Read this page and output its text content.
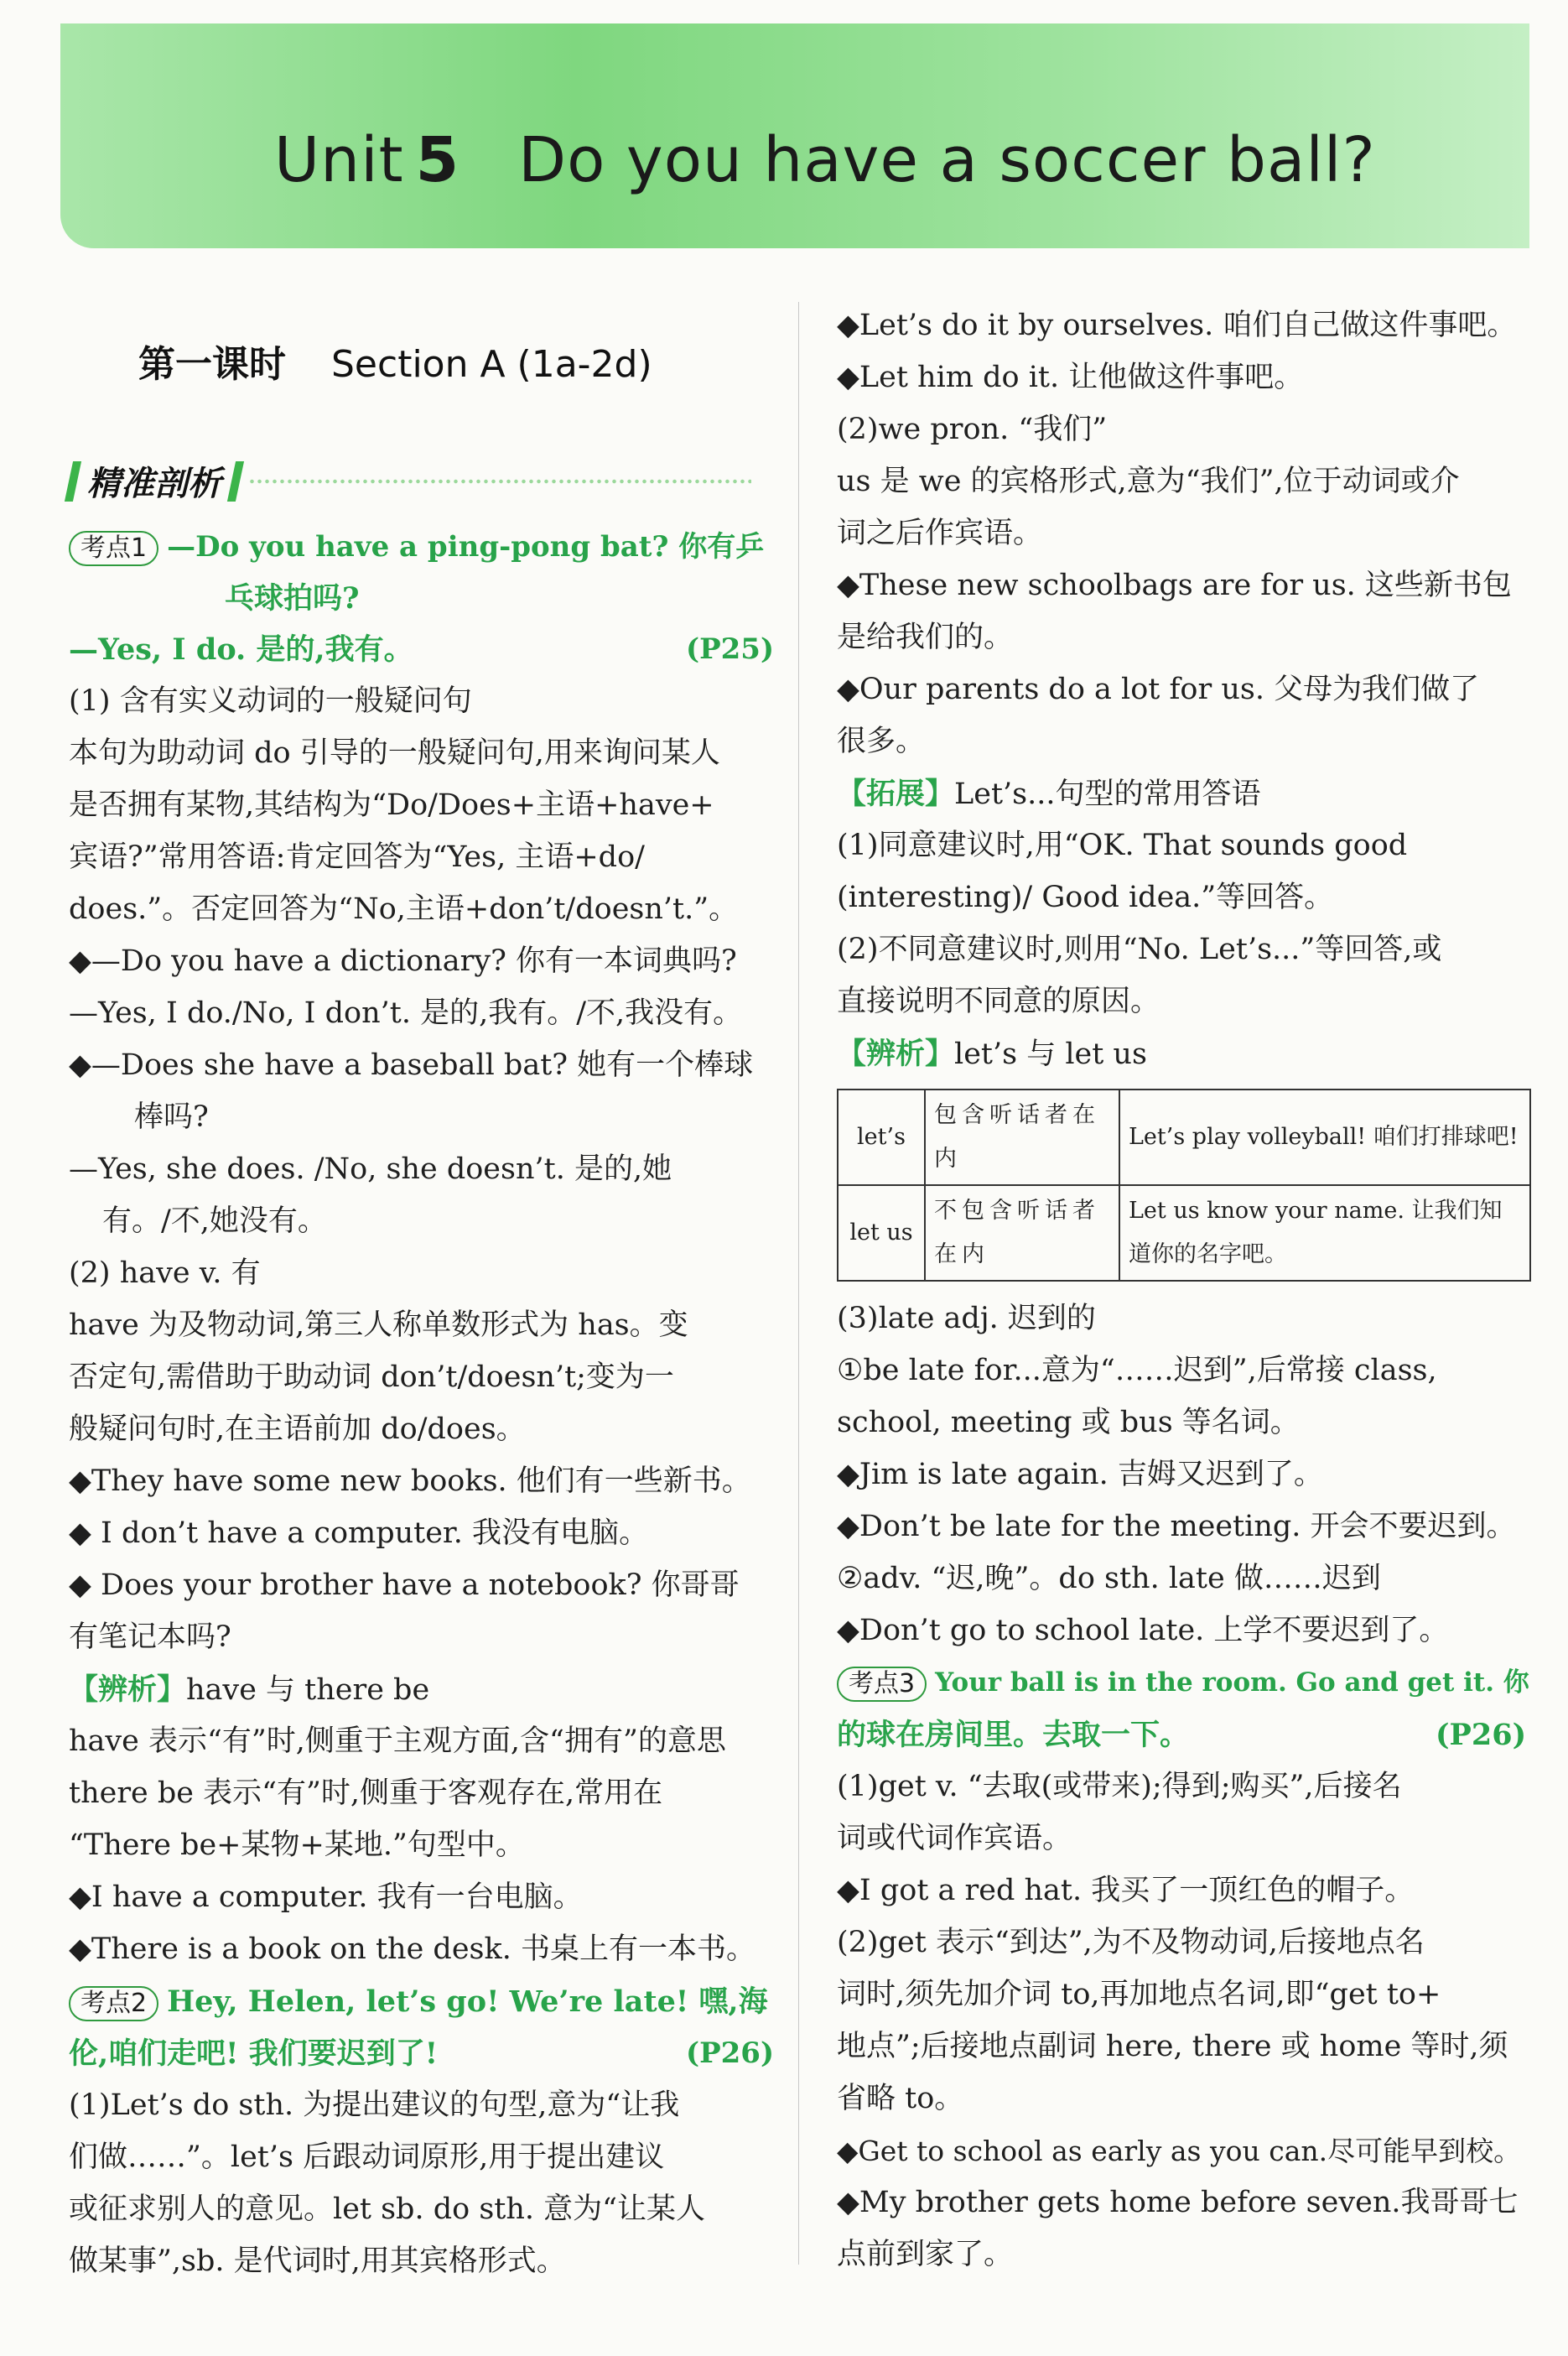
Unit 5 Do you have a soccer ball?
第一课时 Section A (1a-2d)
精准剖析
考点1 —Do you have a ping-pong bat? 你有乒
乓球拍吗?
—Yes, I do. 是的,我有。	(P25)
(1) 含有实义动词的一般疑问句
本句为助动词 do 引导的一般疑问句,用来询问某人
是否拥有某物,其结构为“Do/Does+主语+have+
宾语?”常用答语:肯定回答为“Yes, 主语+do/
does.”。否定回答为“No,主语+don’t/doesn’t.”。
◆—Do you have a dictionary? 你有一本词典吗?
—Yes, I do./No, I don’t. 是的,我有。/不,我没有。
◆—Does she have a baseball bat? 她有一个棒球
棒吗?
—Yes, she does. /No, she doesn’t. 是的,她
有。/不,她没有。
(2) have v. 有
have 为及物动词,第三人称单数形式为 has。变
否定句,需借助于助动词 don’t/doesn’t;变为一
般疑问句时,在主语前加 do/does。
◆They have some new books. 他们有一些新书。
◆ I don’t have a computer. 我没有电脑。
◆ Does your brother have a notebook? 你哥哥
有笔记本吗?
【辨析】have 与 there be
have 表示“有”时,侧重于主观方面,含“拥有”的意思
there be 表示“有”时,侧重于客观存在,常用在
“There be+某物+某地.”句型中。
◆I have a computer. 我有一台电脑。
◆There is a book on the desk. 书桌上有一本书。
考点2 Hey, Helen, let’s go! We’re late! 嘿,海
伦,咱们走吧! 我们要迟到了!	(P26)
(1)Let’s do sth. 为提出建议的句型,意为“让我
们做……”。let’s 后跟动词原形,用于提出建议
或征求别人的意见。let sb. do sth. 意为“让某人
做某事”,sb. 是代词时,用其宾格形式。
◆Let’s do it by ourselves. 咱们自己做这件事吧。
◆Let him do it. 让他做这件事吧。
(2)we pron. “我们”
us 是 we 的宾格形式,意为“我们”,位于动词或介
词之后作宾语。
◆These new schoolbags are for us. 这些新书包
是给我们的。
◆Our parents do a lot for us. 父母为我们做了
很多。
【拓展】Let’s...句型的常用答语
(1)同意建议时,用“OK. That sounds good
(interesting)/ Good idea.”等回答。
(2)不同意建议时,则用“No. Let’s...”等回答,或
直接说明不同意的原因。
【辨析】let’s 与 let us
let’s	包含听话者在内	Let’s play volleyball! 咱们打排球吧!
let us	不包含听话者在内	Let us know your name. 让我们知道你的名字吧。
(3)late adj. 迟到的
①be late for...意为“……迟到”,后常接 class,
school, meeting 或 bus 等名词。
◆Jim is late again. 吉姆又迟到了。
◆Don’t be late for the meeting. 开会不要迟到。
②adv. “迟,晚”。do sth. late 做……迟到
◆Don’t go to school late. 上学不要迟到了。
考点3 Your ball is in the room. Go and get it. 你
的球在房间里。去取一下。	(P26)
(1)get v. “去取(或带来);得到;购买”,后接名
词或代词作宾语。
◆I got a red hat. 我买了一顶红色的帽子。
(2)get 表示“到达”,为不及物动词,后接地点名
词时,须先加介词 to,再加地点名词,即“get to+
地点”;后接地点副词 here, there 或 home 等时,须
省略 to。
◆Get to school as early as you can.尽可能早到校。
◆My brother gets home before seven.我哥哥七
点前到家了。
